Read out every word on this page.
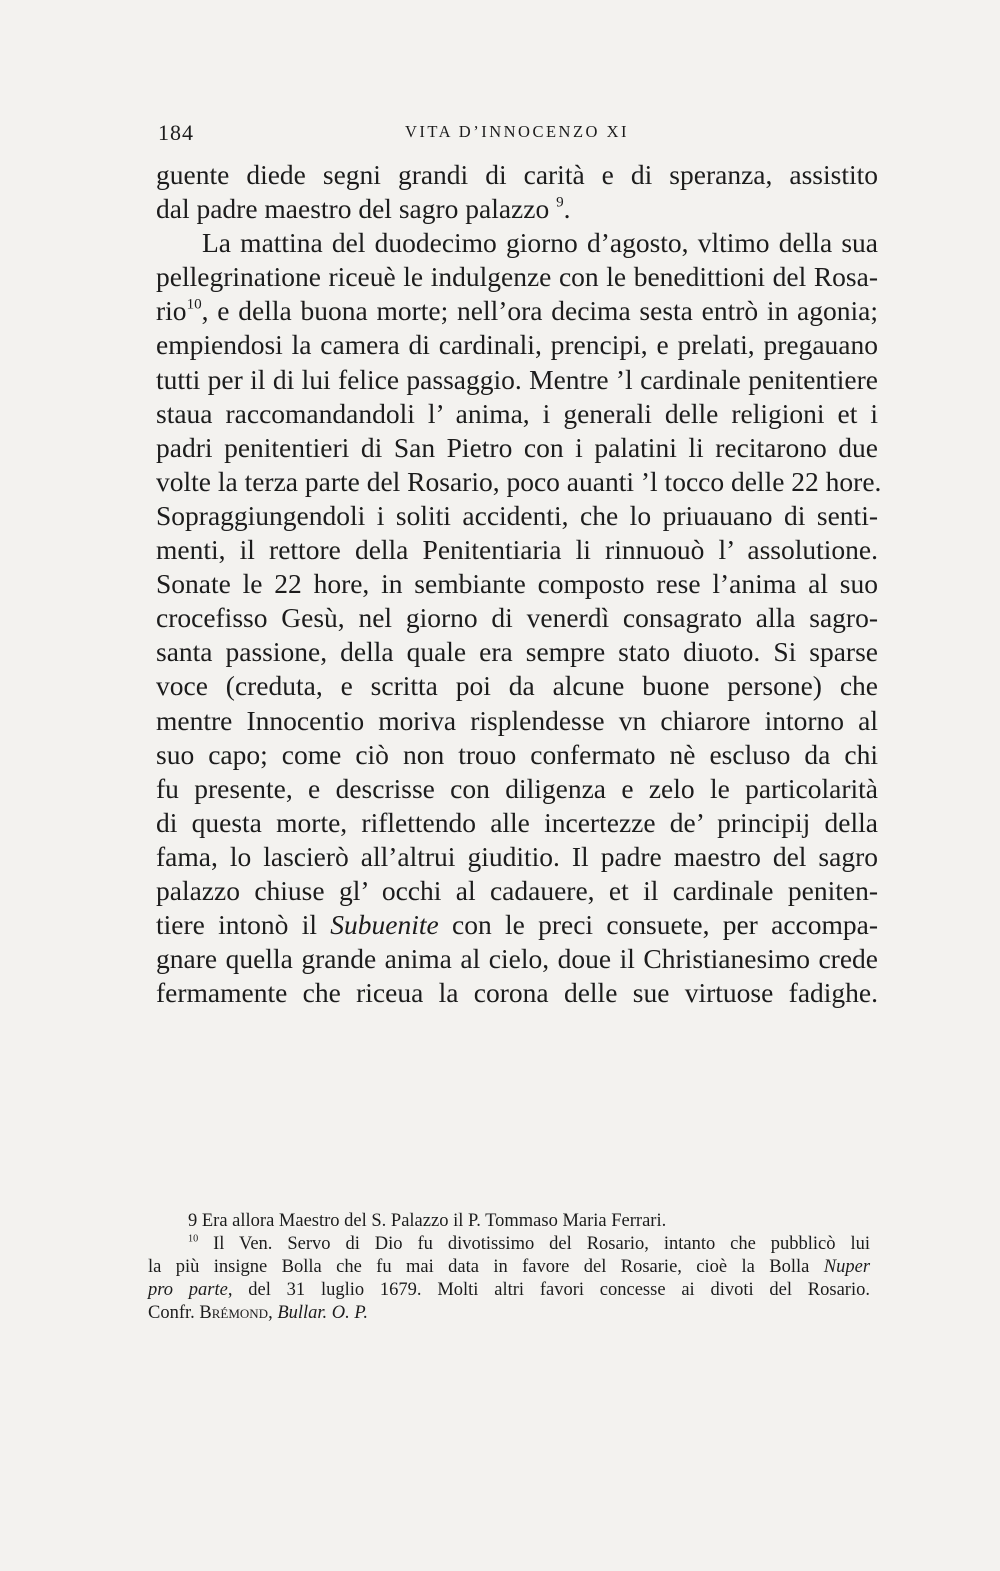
184	VITA D’INNOCENZO XI
guente diede segni grandi di carità e di speranza, assistito
dal padre maestro del sagro palazzo $^9$.
La mattina del duodecimo giorno d’agosto, vltimo della sua
pellegrinatione riceuè le indulgenze con le benedittioni del Rosa-
rio$^{10}$, e della buona morte; nell’ora decima sesta entrò in agonia;
empiendosi la camera di cardinali, prencipi, e prelati, pregauano
tutti per il di lui felice passaggio. Mentre ’l cardinale penitentiere
staua raccomandandoli l’ anima, i generali delle religioni et i
padri penitentieri di San Pietro con i palatini li recitarono due
volte la terza parte del Rosario, poco auanti ’l tocco delle 22 hore.
Sopraggiungendoli i soliti accidenti, che lo priuauano di senti-
menti, il rettore della Penitentiaria li rinnuouò l’ assolutione.
Sonate le 22 hore, in sembiante composto rese l’anima al suo
crocefisso Gesù, nel giorno di venerdì consagrato alla sagro-
santa passione, della quale era sempre stato diuoto. Si sparse
voce (creduta, e scritta poi da alcune buone persone) che
mentre Innocentio moriva risplendesse vn chiarore intorno al
suo capo; come ciò non trouo confermato nè escluso da chi
fu presente, e descrisse con diligenza e zelo le particolarità
di questa morte, riflettendo alle incertezze de’ principij della
fama, lo lascierò all’altrui giuditio. Il padre maestro del sagro
palazzo chiuse gl’ occhi al cadauere, et il cardinale peniten-
tiere intonò il Subuenite con le preci consuete, per accompa-
gnare quella grande anima al cielo, doue il Christianesimo crede
fermamente che riceua la corona delle sue virtuose fadighe.
9 Era allora Maestro del S. Palazzo il P. Tommaso Maria Ferrari.
$^{10}$ Il Ven. Servo di Dio fu divotissimo del Rosario, intanto che pubblicò lui
la più insigne Bolla che fu mai data in favore del Rosarie, cioè la Bolla Nuper
pro parte, del 31 luglio 1679. Molti altri favori concesse ai divoti del Rosario.
Confr. Brémond, Bullar. O. P.
